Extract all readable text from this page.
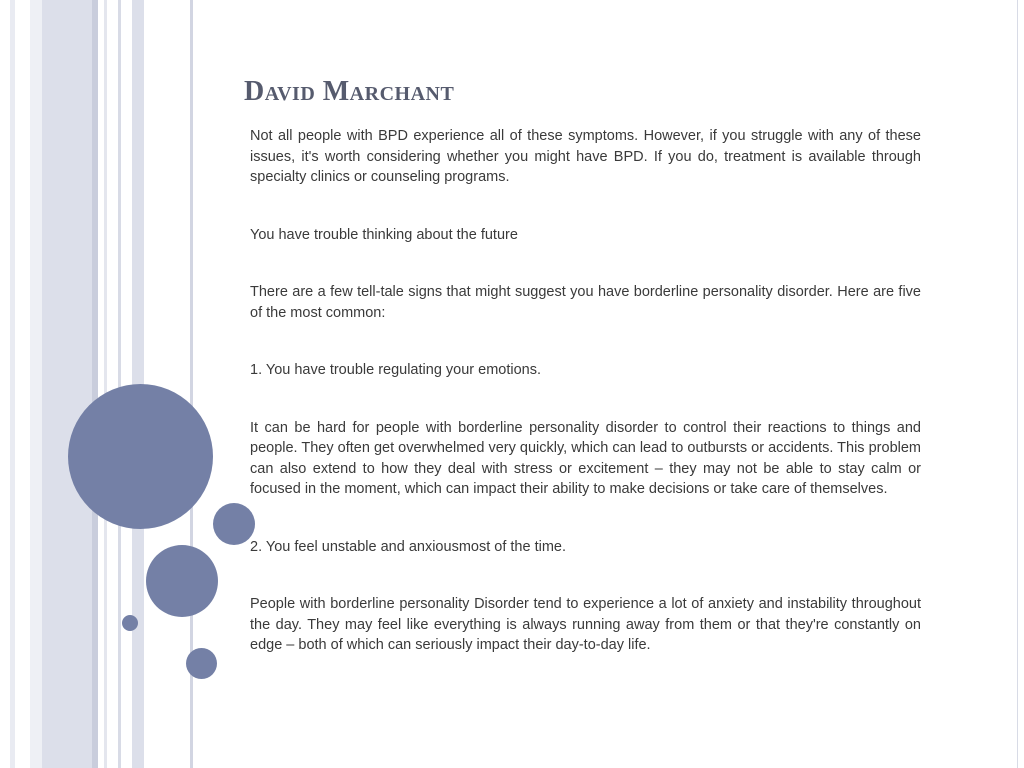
David Marchant

Not all people with BPD experience all of these symptoms. However, if you struggle with any of these issues, it's worth considering whether you might have BPD. If you do, treatment is available through specialty clinics or counseling programs.

You have trouble thinking about the future

There are a few tell-tale signs that might suggest you have borderline personality disorder. Here are five of the most common:

1. You have trouble regulating your emotions.

It can be hard for people with borderline personality disorder to control their reactions to things and people. They often get overwhelmed very quickly, which can lead to outbursts or accidents. This problem can also extend to how they deal with stress or excitement – they may not be able to stay calm or focused in the moment, which can impact their ability to make decisions or take care of themselves.

2. You feel unstable and anxiousmost of the time.

People with borderline personality Disorder tend to experience a lot of anxiety and instability throughout the day. They may feel like everything is always running away from them or that they're constantly on edge – both of which can seriously impact their day-to-day life.
